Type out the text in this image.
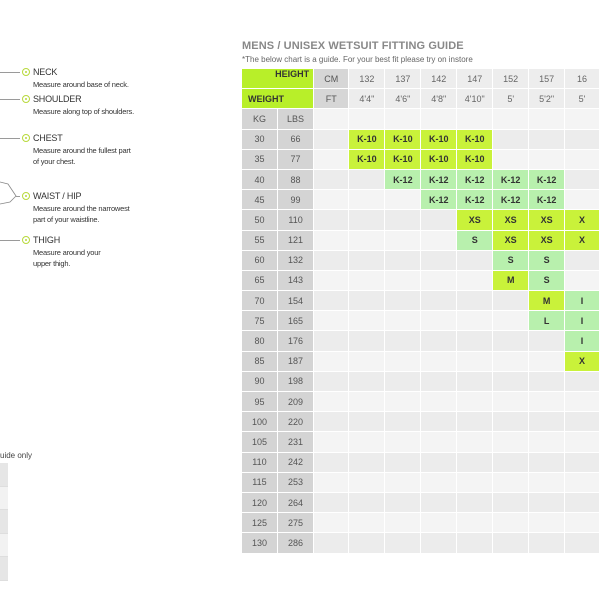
NECK
Measure around base of neck.
SHOULDER
Measure along top of shoulders.
CHEST
Measure around the fullest part
of your chest.
WAIST / HIP
Measure around the narrowest
part of your waistline.
THIGH
Measure around your
upper thigh.
uide only
MENS / UNISEX WETSUIT FITTING GUIDE
*The below chart is a guide. For your best fit please try on instore
HEIGHT		CM	132	137	142	147	152	157	16
WEIGHT		FT	4'4"	4'6"	4'8"	4'10"	5'	5'2"	5'
KG	LBS								
30	66		K-10	K-10	K-10	K-10			
35	77		K-10	K-10	K-10	K-10			
40	88			K-12	K-12	K-12	K-12	K-12	
45	99				K-12	K-12	K-12	K-12	
50	110					XS	XS	XS	X
55	121					S	XS	XS	X
60	132						S	S	
65	143						M	S	
70	154							M	I
75	165							L	I
80	176								I
85	187								X
90	198								
95	209								
100	220								
105	231								
110	242								
115	253								
120	264								
125	275								
130	286								
